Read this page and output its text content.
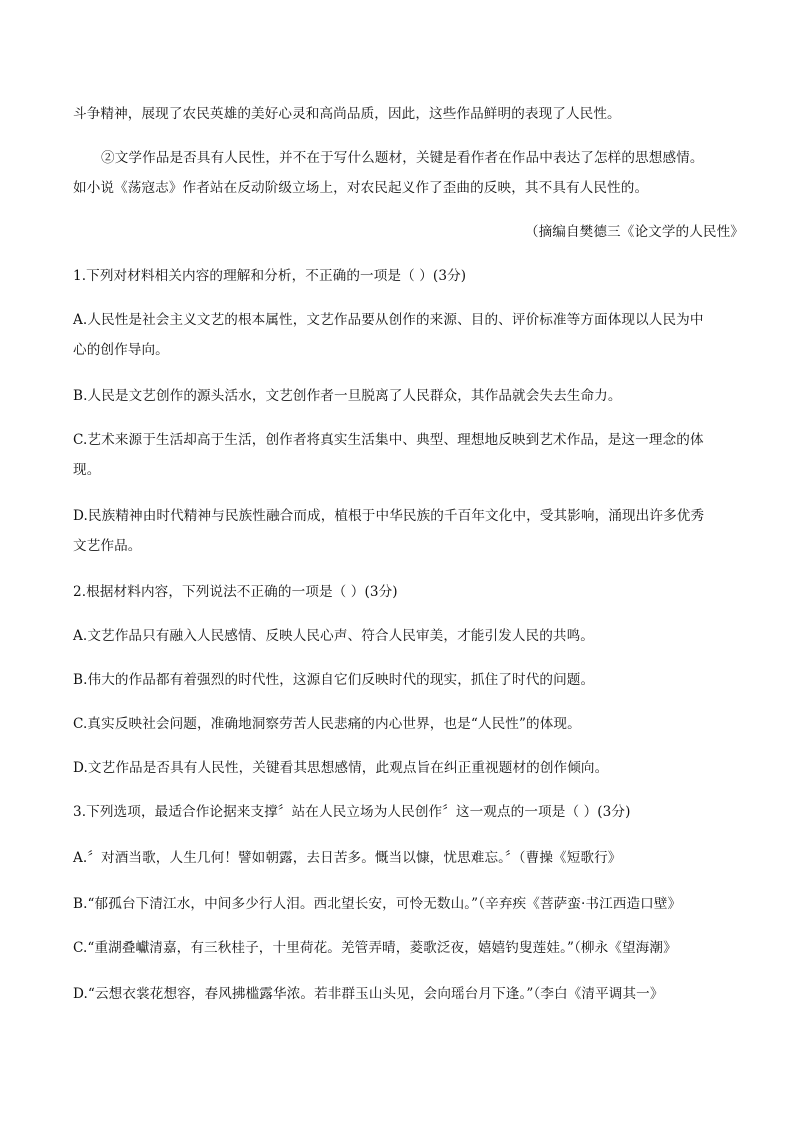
斗争精神，展现了农民英雄的美好心灵和高尚品质，因此，这些作品鲜明的表现了人民性。
②文学作品是否具有人民性，并不在于写什么题材，关键是看作者在作品中表达了怎样的思想感情。
如小说《荡寇志》作者站在反动阶级立场上，对农民起义作了歪曲的反映，其不具有人民性的。
（摘编自樊德三《论文学的人民性》
1.下列对材料相关内容的理解和分析，不正确的一项是（ ）(3分)
A.人民性是社会主义文艺的根本属性，文艺作品要从创作的来源、目的、评价标准等方面体现以人民为中
心的创作导向。
B.人民是文艺创作的源头活水，文艺创作者一旦脱离了人民群众，其作品就会失去生命力。
C.艺术来源于生活却高于生活，创作者将真实生活集中、典型、理想地反映到艺术作品，是这一理念的体
现。
D.民族精神由时代精神与民族性融合而成，植根于中华民族的千百年文化中，受其影响，涌现出许多优秀
文艺作品。
2.根据材料内容，下列说法不正确的一项是（ ）(3分)
A.文艺作品只有融入人民感情、反映人民心声、符合人民审美，才能引发人民的共鸣。
B.伟大的作品都有着强烈的时代性，这源自它们反映时代的现实，抓住了时代的问题。
C.真实反映社会问题，准确地洞察劳苦人民悲痛的内心世界，也是“人民性”的体现。
D.文艺作品是否具有人民性，关键看其思想感情，此观点旨在纠正重视题材的创作倾向。
3.下列选项，最适合作论据来支撑〞站在人民立场为人民创作〞这一观点的一项是（ ）(3分)
A.〞对酒当歌，人生几何！譬如朝露，去日苦多。慨当以慷，忧思难忘。〞（曹操《短歌行》
B.“郁孤台下清江水，中间多少行人泪。西北望长安，可怜无数山。”（辛弃疾《菩萨蛮·书江西造口壁》
C.“重湖叠巘清嘉，有三秋桂子，十里荷花。羌管弄晴，菱歌泛夜，嬉嬉钓叟莲娃。”（柳永《望海潮》
D.“云想衣裳花想容，春风拂槛露华浓。若非群玉山头见，会向瑶台月下逢。”（李白《清平调其一》
